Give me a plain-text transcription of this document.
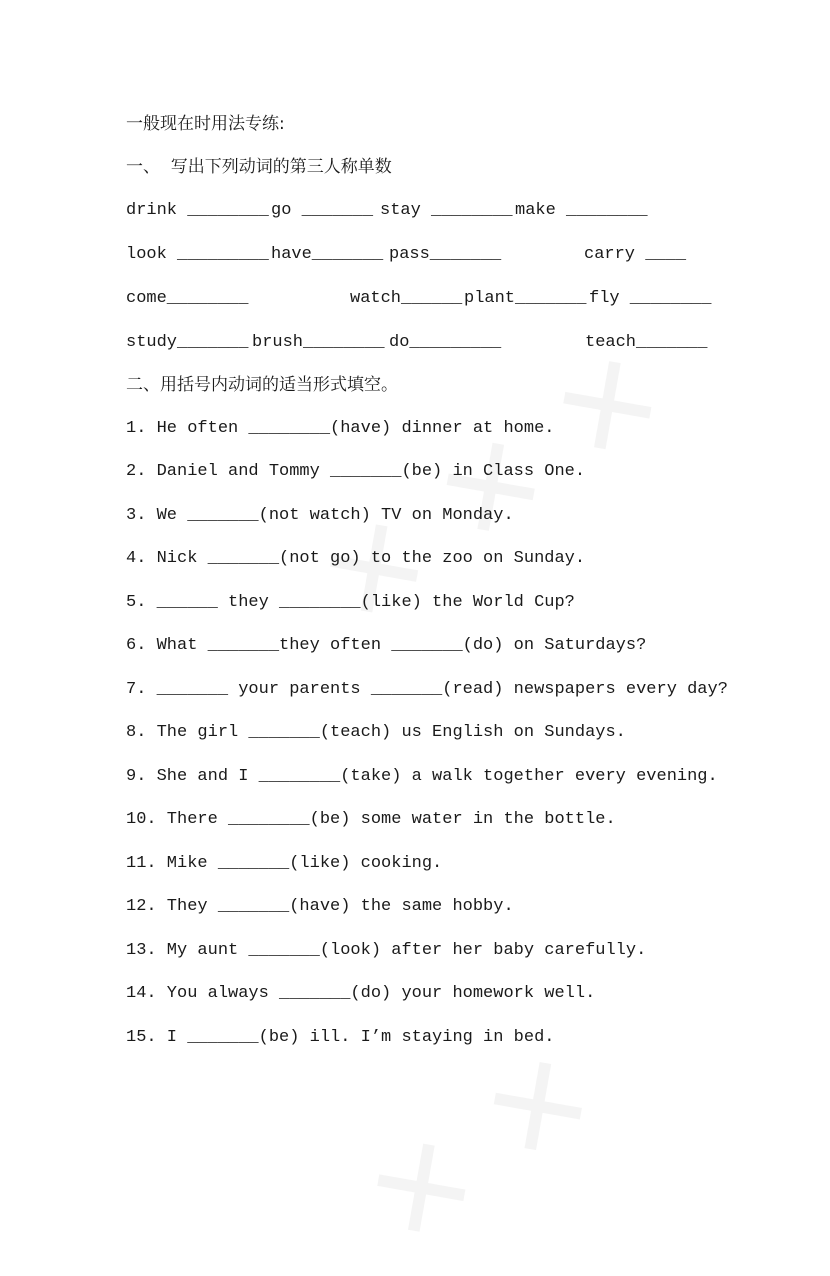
一般现在时用法专练:
一、  写出下列动词的第三人称单数
drink ________ go _______ stay ________ make ________
look _________ have_______ pass_______	carry ____
come________	watch______ plant_______ fly ________
study_______ brush________ do_________	teach_______
二、用括号内动词的适当形式填空。
1. He often ________(have) dinner at home.
2. Daniel and Tommy _______(be) in Class One.
3. We _______(not watch) TV on Monday.
4. Nick _______(not go) to the zoo on Sunday.
5. ______ they ________(like) the World Cup?
6. What _______they often _______(do) on Saturdays?
7. _______ your parents _______(read) newspapers every day?
8. The girl _______(teach) us English on Sundays.
9. She and I ________(take) a walk together every evening.
10. There ________(be) some water in the bottle.
11. Mike _______(like) cooking.
12. They _______(have) the same hobby.
13. My aunt _______(look) after her baby carefully.
14. You always _______(do) your homework well.
15. I _______(be) ill. I’m staying in bed.
